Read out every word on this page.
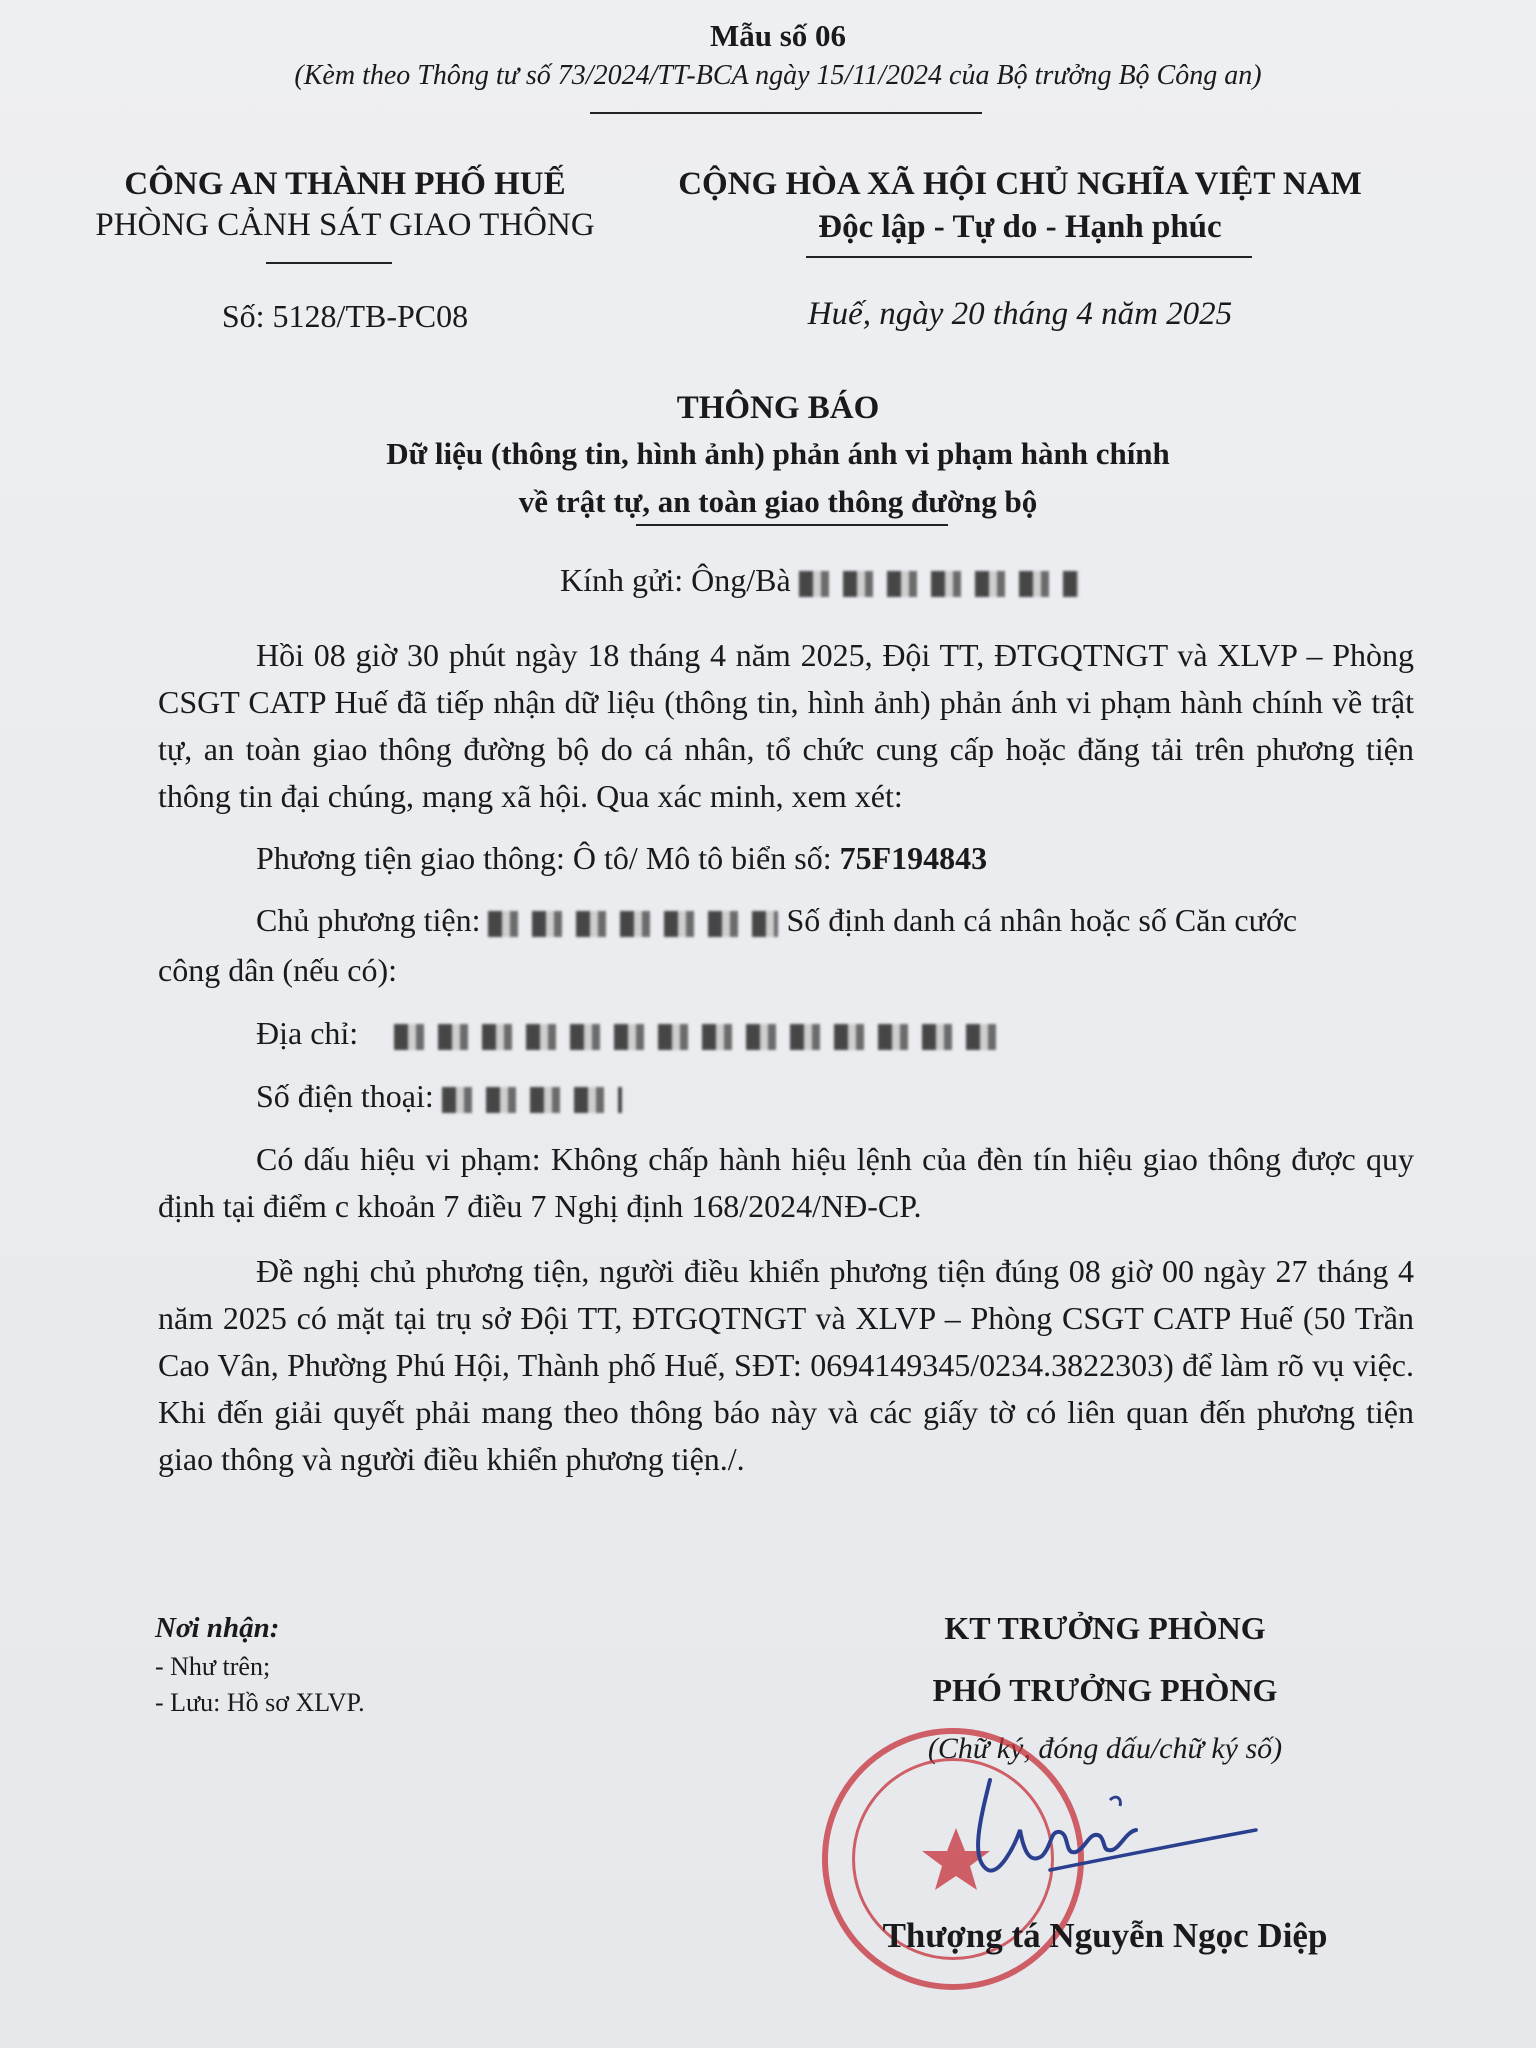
Mẫu số 06
(Kèm theo Thông tư số 73/2024/TT-BCA ngày 15/11/2024 của Bộ trưởng Bộ Công an)
CÔNG AN THÀNH PHỐ HUẾ
PHÒNG CẢNH SÁT GIAO THÔNG
Số: 5128/TB-PC08
CỘNG HÒA XÃ HỘI CHỦ NGHĨA VIỆT NAM
Độc lập - Tự do - Hạnh phúc
Huế, ngày 20 tháng 4 năm 2025
THÔNG BÁO
Dữ liệu (thông tin, hình ảnh) phản ánh vi phạm hành chính
về trật tự, an toàn giao thông đường bộ
Kính gửi: Ông/Bà
Hồi 08 giờ 30 phút ngày 18 tháng 4 năm 2025, Đội TT, ĐTGQTNGT và XLVP – Phòng CSGT CATP Huế đã tiếp nhận dữ liệu (thông tin, hình ảnh) phản ánh vi phạm hành chính về trật tự, an toàn giao thông đường bộ do cá nhân, tổ chức cung cấp hoặc đăng tải trên phương tiện thông tin đại chúng, mạng xã hội. Qua xác minh, xem xét:
Phương tiện giao thông: Ô tô/ Mô tô biển số: 75F194843
Chủ phương tiện:	Số định danh cá nhân hoặc số Căn cước
công dân (nếu có):
Địa chỉ:
Số điện thoại:
Có dấu hiệu vi phạm: Không chấp hành hiệu lệnh của đèn tín hiệu giao thông được quy định tại điểm c khoản 7 điều 7 Nghị định 168/2024/NĐ-CP.
Đề nghị chủ phương tiện, người điều khiển phương tiện đúng 08 giờ 00 ngày 27 tháng 4 năm 2025 có mặt tại trụ sở Đội TT, ĐTGQTNGT và XLVP – Phòng CSGT CATP Huế (50 Trần Cao Vân, Phường Phú Hội, Thành phố Huế, SĐT: 0694149345/0234.3822303) để làm rõ vụ việc. Khi đến giải quyết phải mang theo thông báo này và các giấy tờ có liên quan đến phương tiện giao thông và người điều khiển phương tiện./.
Nơi nhận:
- Như trên;
- Lưu: Hồ sơ XLVP.
KT TRƯỞNG PHÒNG
PHÓ TRƯỞNG PHÒNG
(Chữ ký, đóng dấu/chữ ký số)
Thượng tá Nguyễn Ngọc Diệp
